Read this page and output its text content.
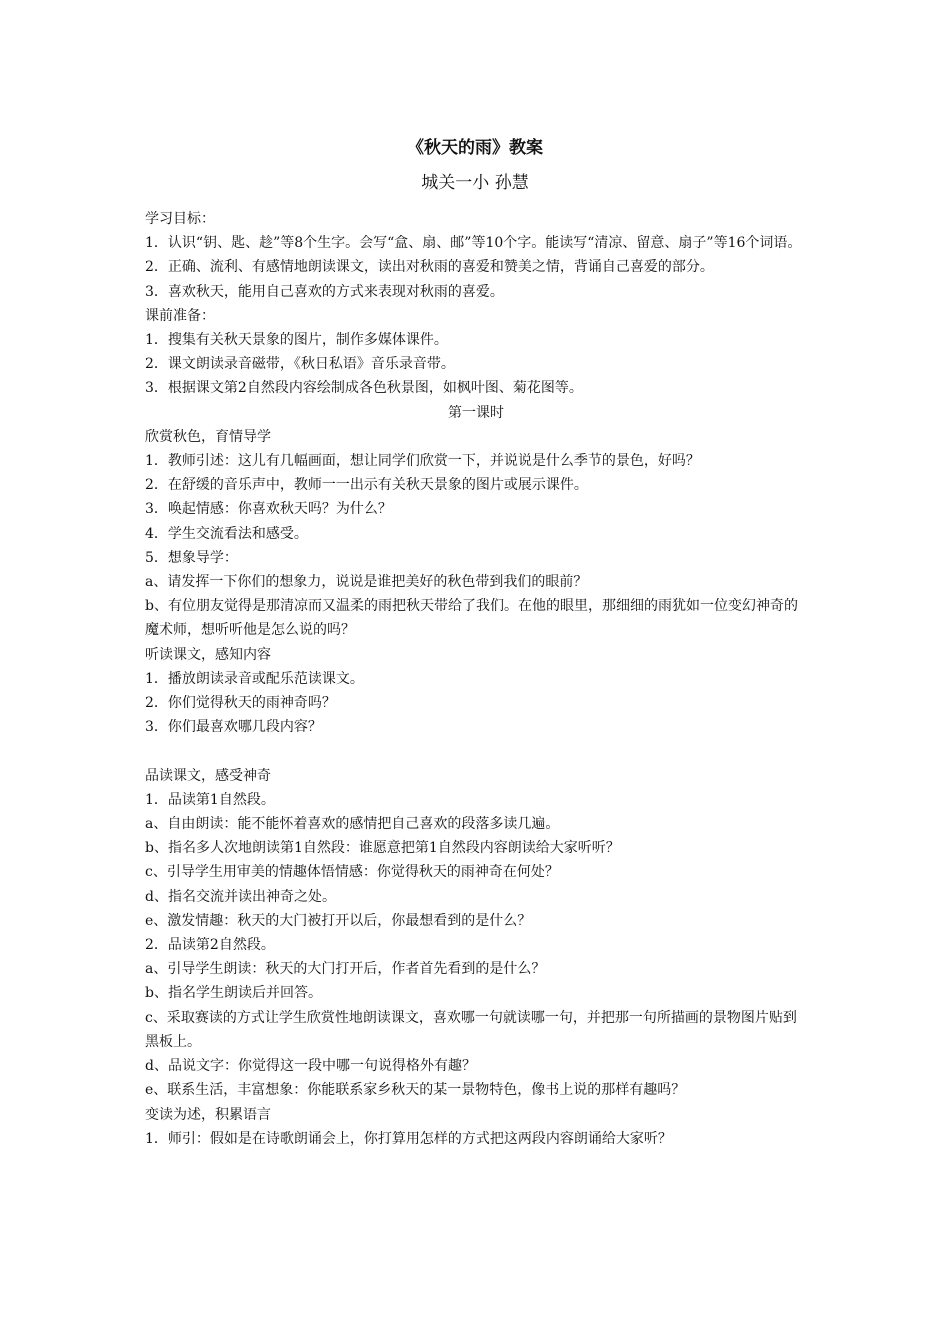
《秋天的雨》教案
城关一小 孙慧
学习目标：
1．认识“钥、匙、趁”等8个生字。会写“盒、扇、邮”等10个字。能读写“清凉、留意、扇子”等16个词语。
2．正确、流利、有感情地朗读课文，读出对秋雨的喜爱和赞美之情，背诵自己喜爱的部分。
3．喜欢秋天，能用自己喜欢的方式来表现对秋雨的喜爱。
课前准备：
1．搜集有关秋天景象的图片，制作多媒体课件。
2．课文朗读录音磁带，《秋日私语》音乐录音带。
3．根据课文第2自然段内容绘制成各色秋景图，如枫叶图、菊花图等。
第一课时
欣赏秋色，育情导学
1．教师引述：这儿有几幅画面，想让同学们欣赏一下，并说说是什么季节的景色，好吗？
2．在舒缓的音乐声中，教师一一出示有关秋天景象的图片或展示课件。
3．唤起情感：你喜欢秋天吗？为什么？
4．学生交流看法和感受。
5．想象导学：
a、请发挥一下你们的想象力，说说是谁把美好的秋色带到我们的眼前？
b、有位朋友觉得是那清凉而又温柔的雨把秋天带给了我们。在他的眼里，那细细的雨犹如一位变幻神奇的魔术师，想听听他是怎么说的吗？
听读课文，感知内容
1．播放朗读录音或配乐范读课文。
2．你们觉得秋天的雨神奇吗？
3．你们最喜欢哪几段内容？
品读课文，感受神奇
1．品读第1自然段。
a、自由朗读：能不能怀着喜欢的感情把自己喜欢的段落多读几遍。
b、指名多人次地朗读第1自然段：谁愿意把第1自然段内容朗读给大家听听？
c、引导学生用审美的情趣体悟情感：你觉得秋天的雨神奇在何处？
d、指名交流并读出神奇之处。
e、激发情趣：秋天的大门被打开以后，你最想看到的是什么？
2．品读第2自然段。
a、引导学生朗读：秋天的大门打开后，作者首先看到的是什么？
b、指名学生朗读后并回答。
c、采取赛读的方式让学生欣赏性地朗读课文，喜欢哪一句就读哪一句，并把那一句所描画的景物图片贴到黑板上。
d、品说文字：你觉得这一段中哪一句说得格外有趣？
e、联系生活，丰富想象：你能联系家乡秋天的某一景物特色，像书上说的那样有趣吗？
变读为述，积累语言
1．师引：假如是在诗歌朗诵会上，你打算用怎样的方式把这两段内容朗诵给大家听？
